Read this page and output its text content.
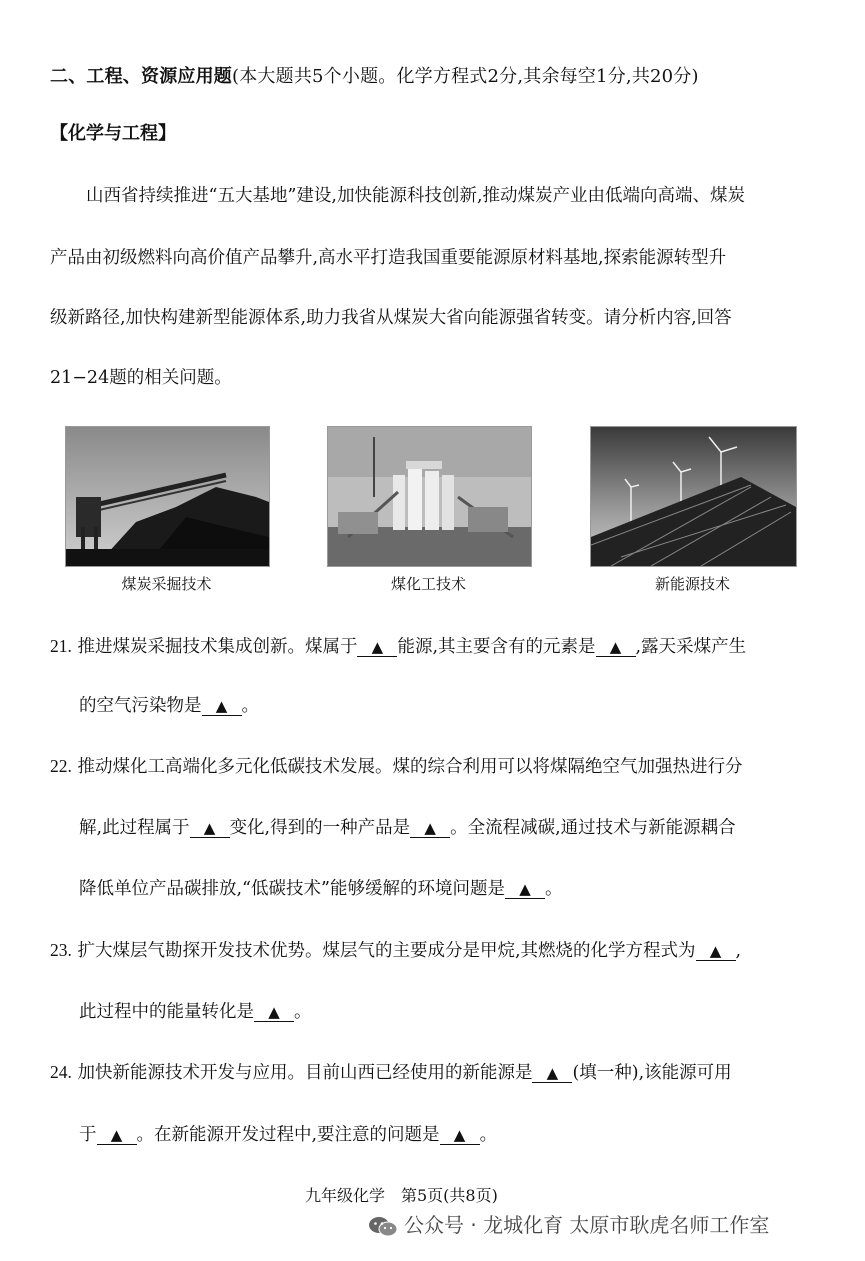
二、工程、资源应用题(本大题共5个小题。化学方程式2分,其余每空1分,共20分)
【化学与工程】
山西省持续推进“五大基地”建设,加快能源科技创新,推动煤炭产业由低端向高端、煤炭
产品由初级燃料向高价值产品攀升,高水平打造我国重要能源原材料基地,探索能源转型升
级新路径,加快构建新型能源体系,助力我省从煤炭大省向能源强省转变。请分析内容,回答
21−24题的相关问题。
煤炭采掘技术	煤化工技术	新能源技术
21. 推进煤炭采掘技术集成创新。煤属于 ▲ 能源,其主要含有的元素是 ▲ ,露天采煤产生
的空气污染物是 ▲ 。
22. 推动煤化工高端化多元化低碳技术发展。煤的综合利用可以将煤隔绝空气加强热进行分
解,此过程属于 ▲ 变化,得到的一种产品是 ▲ 。全流程减碳,通过技术与新能源耦合
降低单位产品碳排放,“低碳技术”能够缓解的环境问题是 ▲ 。
23. 扩大煤层气勘探开发技术优势。煤层气的主要成分是甲烷,其燃烧的化学方程式为 ▲ ,
此过程中的能量转化是 ▲ 。
24. 加快新能源技术开发与应用。目前山西已经使用的新能源是 ▲ (填一种),该能源可用
于 ▲ 。在新能源开发过程中,要注意的问题是 ▲ 。
九年级化学　第5页(共8页)
公众号 · 龙城化育 太原市耿虎名师工作室
